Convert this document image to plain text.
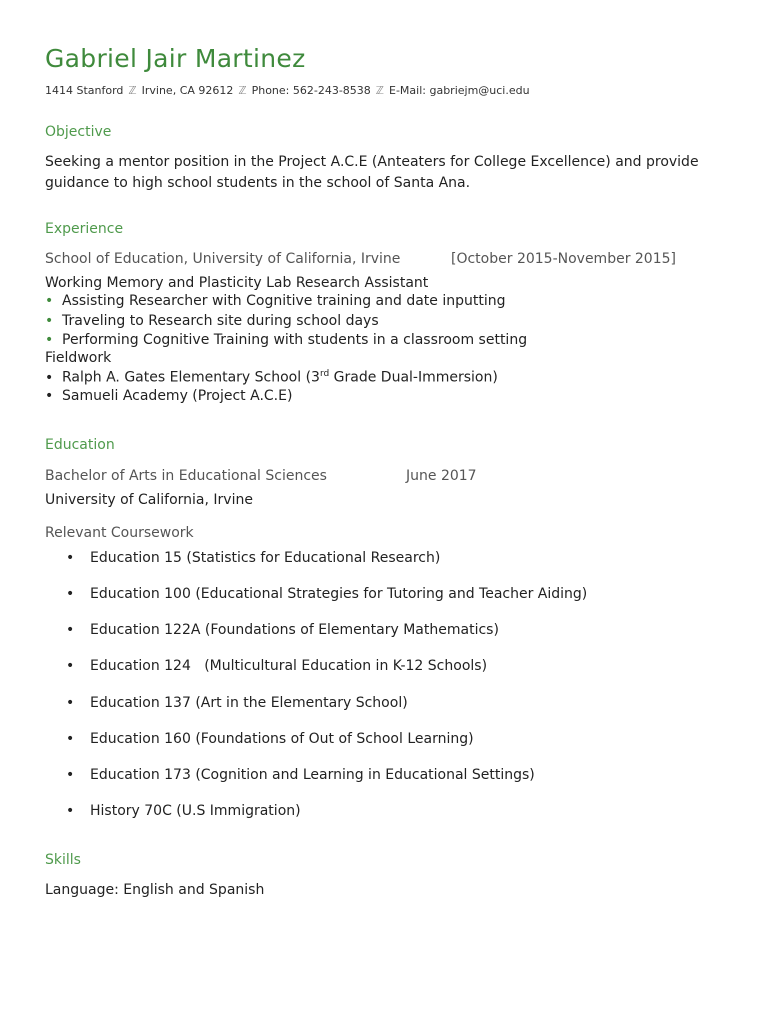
Gabriel Jair Martinez
1414 Stanford ℤ Irvine, CA 92612 ℤ Phone: 562-243-8538 ℤ E-Mail: gabriejm@uci.edu
Objective
Seeking a mentor position in the Project A.C.E (Anteaters for College Excellence) and provide guidance to high school students in the school of Santa Ana.
Experience
School of Education, University of California, Irvine	[October 2015-November 2015]
Working Memory and Plasticity Lab Research Assistant
• Assisting Researcher with Cognitive training and date inputting
• Traveling to Research site during school days
• Performing Cognitive Training with students in a classroom setting
Fieldwork
• Ralph A. Gates Elementary School (3rd Grade Dual-Immersion)
• Samueli Academy (Project A.C.E)
Education
Bachelor of Arts in Educational Sciences	June 2017
University of California, Irvine
Relevant Coursework
• Education 15 (Statistics for Educational Research)
• Education 100 (Educational Strategies for Tutoring and Teacher Aiding)
• Education 122A (Foundations of Elementary Mathematics)
• Education 124   (Multicultural Education in K-12 Schools)
• Education 137 (Art in the Elementary School)
• Education 160 (Foundations of Out of School Learning)
• Education 173 (Cognition and Learning in Educational Settings)
• History 70C (U.S Immigration)
Skills
Language: English and Spanish
